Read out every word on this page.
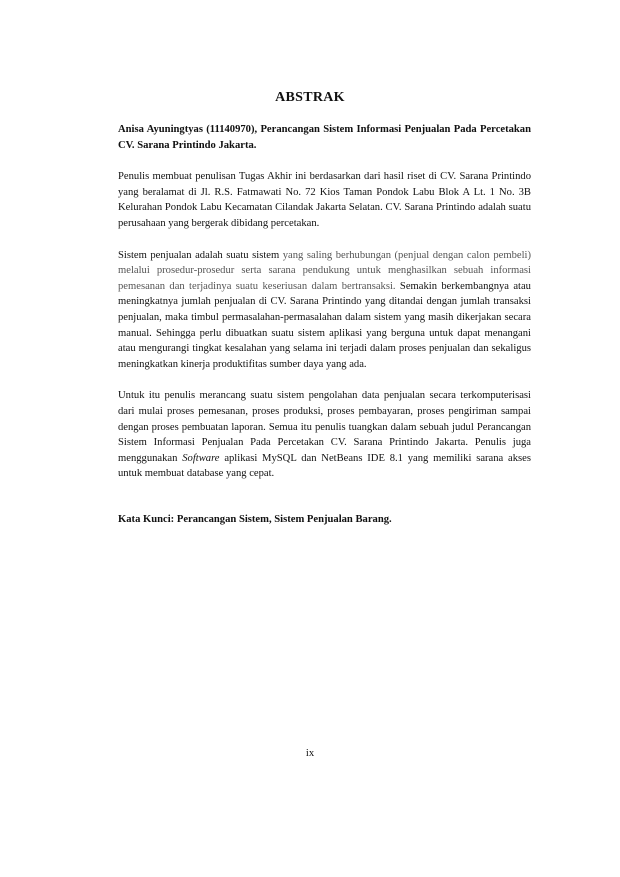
ABSTRAK

Anisa Ayuningtyas (11140970), Perancangan Sistem Informasi Penjualan Pada Percetakan CV. Sarana Printindo Jakarta.

Penulis membuat penulisan Tugas Akhir ini berdasarkan dari hasil riset di CV. Sarana Printindo yang beralamat di Jl. R.S. Fatmawati No. 72 Kios Taman Pondok Labu Blok A Lt. 1 No. 3B Kelurahan Pondok Labu Kecamatan Cilandak Jakarta Selatan. CV. Sarana Printindo adalah suatu perusahaan yang bergerak dibidang percetakan.

Sistem penjualan adalah suatu sistem yang saling berhubungan (penjual dengan calon pembeli) melalui prosedur-prosedur serta sarana pendukung untuk menghasilkan sebuah informasi pemesanan dan terjadinya suatu keseriusan dalam bertransaksi. Semakin berkembangnya atau meningkatnya jumlah penjualan di CV. Sarana Printindo yang ditandai dengan jumlah transaksi penjualan, maka timbul permasalahan-permasalahan dalam sistem yang masih dikerjakan secara manual. Sehingga perlu dibuatkan suatu sistem aplikasi yang berguna untuk dapat menangani atau mengurangi tingkat kesalahan yang selama ini terjadi dalam proses penjualan dan sekaligus meningkatkan kinerja produktifitas sumber daya yang ada.

Untuk itu penulis merancang suatu sistem pengolahan data penjualan secara terkomputerisasi dari mulai proses pemesanan, proses produksi, proses pembayaran, proses pengiriman sampai dengan proses pembuatan laporan. Semua itu penulis tuangkan dalam sebuah judul Perancangan Sistem Informasi Penjualan Pada Percetakan CV. Sarana Printindo Jakarta. Penulis juga menggunakan Software aplikasi MySQL dan NetBeans IDE 8.1 yang memiliki sarana akses untuk membuat database yang cepat.

Kata Kunci: Perancangan Sistem, Sistem Penjualan Barang.

ix
